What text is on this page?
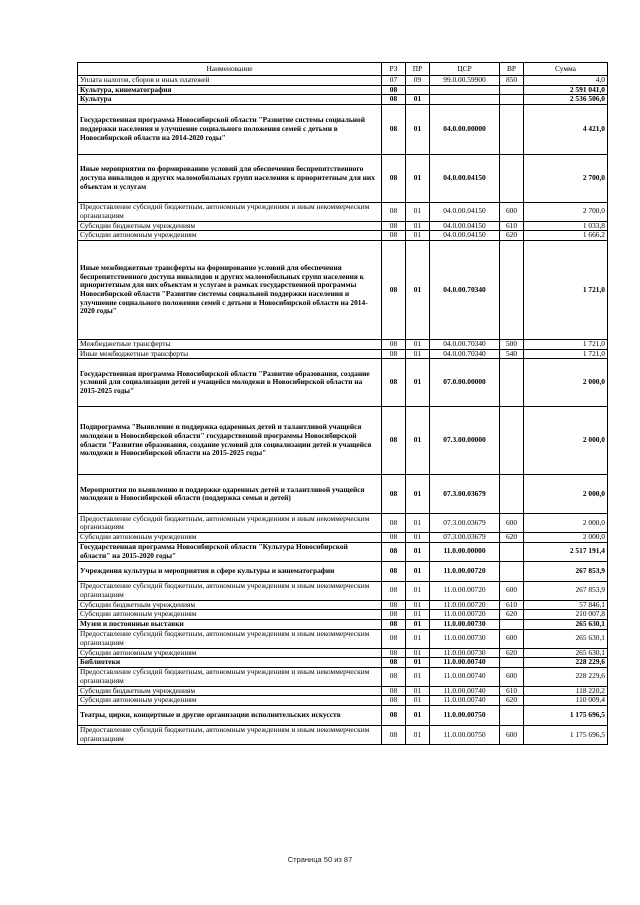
Наименование	РЗ	ПР	ЦСР	ВР	Сумма
Уплата налогов, сборов и иных платежей	07	09	99.0.00.59900	850	4,0
Культура, кинематография	08				2 591 041,0
Культура	08	01			2 536 506,0
Государственная программа Новосибирской области "Развитие системы социальной поддержки населения и улучшение социального положения семей с детьми в Новосибирской области на 2014-2020 годы"	08	01	04.0.00.00000		4 421,0
Иные мероприятия по формированию условий для обеспечения беспрепятственного доступа инвалидов и других маломобильных групп населения к приоритетным для них объектам и услугам	08	01	04.0.00.04150		2 700,0
Предоставление субсидий бюджетным, автономным учреждениям и иным некоммерческим организациям	08	01	04.0.00.04150	600	2 700,0
Субсидии бюджетным учреждениям	08	01	04.0.00.04150	610	1 033,8
Субсидии автономным учреждениям	08	01	04.0.00.04150	620	1 666,2
Иные межбюджетные трансферты на формирование условий для обеспечения беспрепятственного доступа инвалидов и других маломобильных групп населения к приоритетным для них объектам и услугам в рамках государственной программы Новосибирской области "Развитие системы социальной поддержки населения и улучшение социального положения семей с детьми в Новосибирской области на 2014-2020 годы"	08	01	04.0.00.70340		1 721,0
Межбюджетные трансферты	08	01	04.0.00.70340	500	1 721,0
Иные межбюджетные трансферты	08	01	04.0.00.70340	540	1 721,0
Государственная программа Новосибирской области "Развитие образования, создание условий для социализации детей и учащейся молодежи в Новосибирской области на 2015-2025 годы"	08	01	07.0.00.00000		2 000,0
Подпрограмма "Выявление и поддержка одаренных детей и талантливой учащейся молодежи в Новосибирской области" государственной программы Новосибирской области "Развитие образования, создание условий для социализации детей и учащейся молодежи в Новосибирской области на 2015-2025 годы"	08	01	07.3.00.00000		2 000,0
Мероприятия по выявлению и поддержке одаренных детей и талантливой учащейся молодежи в Новосибирской области (поддержка семьи и детей)	08	01	07.3.00.03679		2 000,0
Предоставление субсидий бюджетным, автономным учреждениям и иным некоммерческим организациям	08	01	07.3.00.03679	600	2 000,0
Субсидии автономным учреждениям	08	01	07.3.00.03679	620	2 000,0
Государственная программа Новосибирской области "Культура Новосибирской области" на 2015-2020 годы"	08	01	11.0.00.00000		2 517 191,4
Учреждения культуры и мероприятия в сфере культуры и кинематографии	08	01	11.0.00.00720		267 853,9
Предоставление субсидий бюджетным, автономным учреждениям и иным некоммерческим организациям	08	01	11.0.00.00720	600	267 853,9
Субсидии бюджетным учреждениям	08	01	11.0.00.00720	610	57 846,1
Субсидии автономным учреждениям	08	01	11.0.00.00720	620	210 007,8
Музеи и постоянные выставки	08	01	11.0.00.00730		265 630,1
Предоставление субсидий бюджетным, автономным учреждениям и иным некоммерческим организациям	08	01	11.0.00.00730	600	265 630,1
Субсидии автономным учреждениям	08	01	11.0.00.00730	620	265 630,1
Библиотеки	08	01	11.0.00.00740		228 229,6
Предоставление субсидий бюджетным, автономным учреждениям и иным некоммерческим организациям	08	01	11.0.00.00740	600	228 229,6
Субсидии бюджетным учреждениям	08	01	11.0.00.00740	610	118 220,2
Субсидии автономным учреждениям	08	01	11.0.00.00740	620	110 009,4
Театры, цирки, концертные и другие организации исполнительских искусств	08	01	11.0.00.00750		1 175 696,5
Предоставление субсидий бюджетным, автономным учреждениям и иным некоммерческим организациям	08	01	11.0.00.00750	600	1 175 696,5
Страница 50 из 87
